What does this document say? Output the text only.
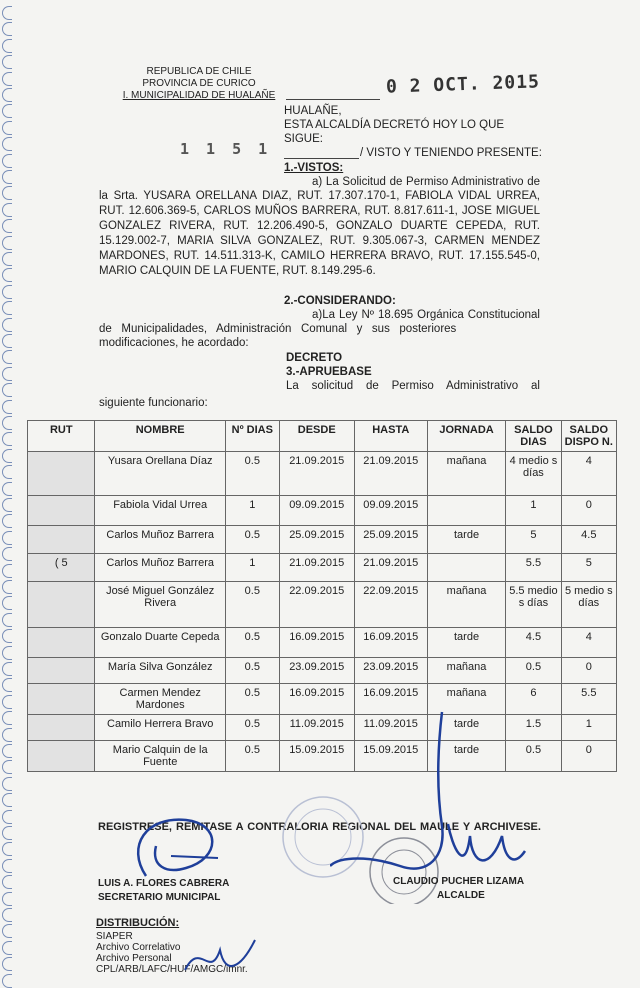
REPUBLICA DE CHILE
PROVINCIA DE CURICO
I. MUNICIPALIDAD DE HUALAÑE	0 2 OCT. 2015
HUALAÑE,
ESTA ALCALDÍA DECRETÓ HOY LO QUE
SIGUE:
1 1 5 1	/ VISTO Y TENIENDO PRESENTE:
1.-VISTOS:
a) La Solicitud de Permiso Administrativo de
la Srta. YUSARA ORELLANA DIAZ, RUT. 17.307.170-1, FABIOLA VIDAL URREA,
RUT. 12.606.369-5, CARLOS MUÑOS BARRERA, RUT. 8.817.611-1, JOSE MIGUEL
GONZALEZ RIVERA, RUT. 12.206.490-5, GONZALO DUARTE CEPEDA, RUT.
15.129.002-7, MARIA SILVA GONZALEZ, RUT. 9.305.067-3, CARMEN MENDEZ
MARDONES, RUT. 14.511.313-K, CAMILO HERRERA BRAVO, RUT. 17.155.545-0,
MARIO CALQUIN DE LA FUENTE, RUT. 8.149.295-6.
2.-CONSIDERANDO:
a)La Ley Nº 18.695 Orgánica Constitucional
de   Municipalidades,   Administración   Comunal   y   sus   posteriores
modificaciones, he acordado:
DECRETO
3.-APRUEBASE
La solicitud de Permiso Administrativo al
siguiente funcionario:
RUT	NOMBRE	Nº DIAS	DESDE	HASTA	JORNADA	SALDO DIAS	SALDO DISPO N.
	Yusara Orellana Díaz	0.5	21.09.2015	21.09.2015	mañana	4 medio s días	4
	Fabiola Vidal Urrea	1	09.09.2015	09.09.2015		1	0
	Carlos Muñoz Barrera	0.5	25.09.2015	25.09.2015	tarde	5	4.5
( 5	Carlos Muñoz Barrera	1	21.09.2015	21.09.2015		5.5	5
	José Miguel González Rivera	0.5	22.09.2015	22.09.2015	mañana	5.5 medio s días	5 medio s días
	Gonzalo Duarte Cepeda	0.5	16.09.2015	16.09.2015	tarde	4.5	4
	María Silva González	0.5	23.09.2015	23.09.2015	mañana	0.5	0
	Carmen Mendez Mardones	0.5	16.09.2015	16.09.2015	mañana	6	5.5
	Camilo Herrera Bravo	0.5	11.09.2015	11.09.2015	tarde	1.5	1
	Mario Calquin de la Fuente	0.5	15.09.2015	15.09.2015	tarde	0.5	0
REGISTRESE, REMITASE A CONTRALORIA REGIONAL DEL MAULE Y ARCHIVESE.
LUIS A. FLORES CABRERA
SECRETARIO MUNICIPAL
CLAUDIO PUCHER LIZAMA
ALCALDE
DISTRIBUCIÓN:
SIAPER
Archivo Correlativo
Archivo Personal
CPL/ARB/LAFC/HUF/AMGC/imnr.
